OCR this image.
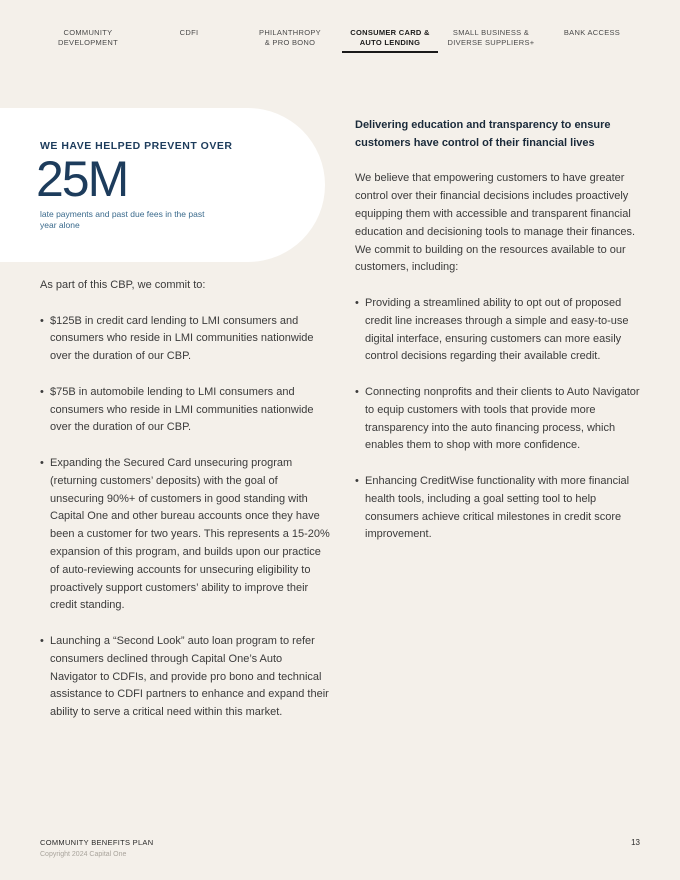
COMMUNITY
DEVELOPMENT
CDFI	PHILANTHROPY
& PRO BONO
CONSUMER CARD &
AUTO LENDING
SMALL BUSINESS &
DIVERSE SUPPLIERS+
BANK ACCESS
WE HAVE HELPED PREVENT OVER
25M
late payments and past due fees in the past year alone

As part of this CBP, we commit to:

• $125B in credit card lending to LMI consumers and consumers who reside in LMI communities nationwide over the duration of our CBP.
• $75B in automobile lending to LMI consumers and consumers who reside in LMI communities nationwide over the duration of our CBP.
• Expanding the Secured Card unsecuring program (returning customers’ deposits) with the goal of unsecuring 90%+ of customers in good standing with Capital One and other bureau accounts once they have been a customer for two years. This represents a 15-20% expansion of this program, and builds upon our practice of auto-reviewing accounts for unsecuring eligibility to proactively support customers’ ability to improve their credit standing.
• Launching a “Second Look” auto loan program to refer consumers declined through Capital One’s Auto Navigator to CDFIs, and provide pro bono and technical assistance to CDFI partners to enhance and expand their ability to serve a critical need within this market.
Delivering education and transparency to ensure customers have control of their financial lives

We believe that empowering customers to have greater control over their financial decisions includes proactively equipping them with accessible and transparent financial education and decisioning tools to manage their finances. We commit to building on the resources available to our customers, including:

• Providing a streamlined ability to opt out of proposed credit line increases through a simple and easy-to-use digital interface, ensuring customers can more easily control decisions regarding their available credit.
• Connecting nonprofits and their clients to Auto Navigator to equip customers with tools that provide more transparency into the auto financing process, which enables them to shop with more confidence.
• Enhancing CreditWise functionality with more financial health tools, including a goal setting tool to help consumers achieve critical milestones in credit score improvement.
COMMUNITY BENEFITS PLAN
Copyright 2024 Capital One
13
